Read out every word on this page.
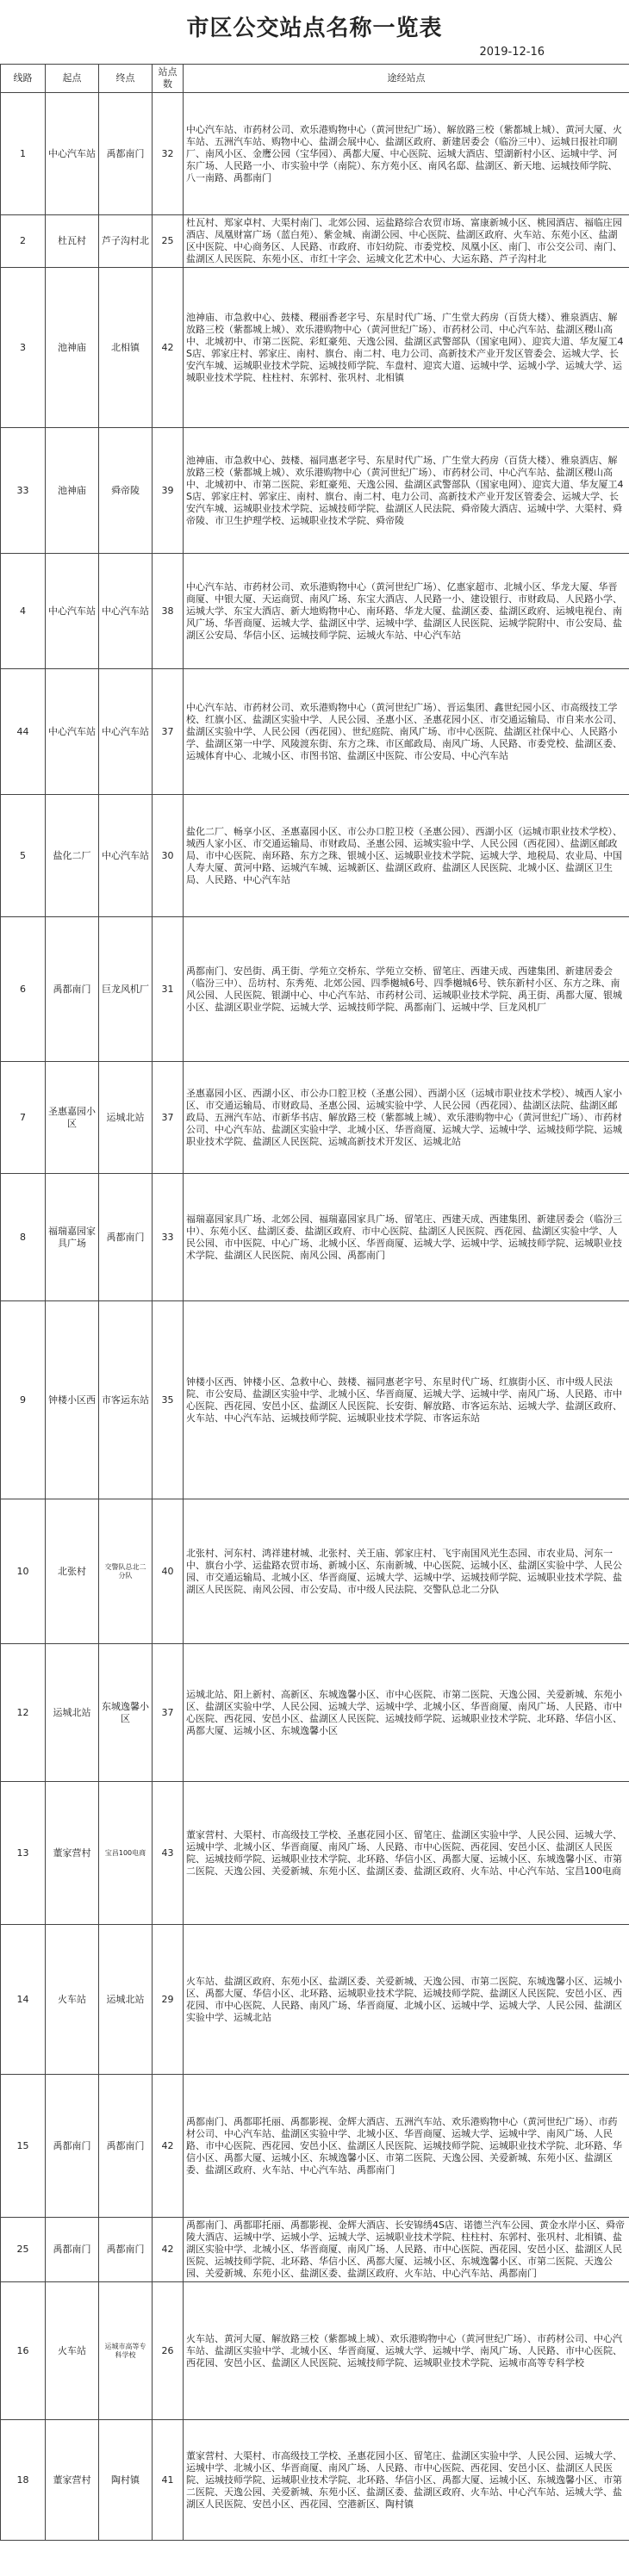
市区公交站点名称一览表
2019-12-16
线路	起点	终点	站点数	途经站点
1	中心汽车站	禹都南门	32	中心汽车站、市药材公司、欢乐港购物中心（黄河世纪广场）、解放路三校（紫都城上城）、黄河大厦、火车站、五洲汽车站、购物中心、盐湖会展中心、盐湖区政府、新建居委会（临汾三中）、运城日报社印刷厂、南风小区、金鹰公园（宝华园）、禹都大厦、中心医院、运城大酒店、望湖新村小区、运城中学、河东广场、人民路一小、市实验中学（南院）、东方苑小区、南风名邸、盐湖区、新天地、运城技师学院、八一南路、禹都南门
2	杜瓦村	芦子沟村北	25	杜瓦村、郑家卓村、大渠村南门、北郊公园、运盐路综合农贸市场、富康新城小区、桃园酒店、福临庄园酒店、凤凰财富广场（蓝白苑）、紫金城、南湖公园、中心医院、盐湖区政府、火车站、东苑小区、盐湖区中医院、中心商务区、人民路、市政府、市妇幼院、市委党校、凤凰小区、南门、市公交公司、南门、盐湖区人民医院、东苑小区、市红十字会、运城文化艺术中心、大运东路、芦子沟村北
3	池神庙	北相镇	42	池神庙、市急救中心、鼓楼、稷丽香老字号、东星时代广场、广生堂大药房（百货大楼）、雅泉酒店、解放路三校（紫都城上城）、欢乐港购物中心（黄河世纪广场）、市药材公司、中心汽车站、盐湖区稷山高中、北城初中、市第二医院、彩虹豪苑、天逸公园、盐湖区武警部队（国家电网）、迎宾大道、华友厦工4S店、郭家庄村、郭家庄、南村、旗台、南二村、电力公司、高新技术产业开发区管委会、运城大学、长安汽车城、运城职业技术学院、运城技师学院、车盘村、迎宾大道、运城中学、运城小学、运城大学、运城职业技术学院、柱柱村、东郭村、张巩村、北相镇
33	池神庙	舜帝陵	39	池神庙、市急救中心、鼓楼、福同惠老字号、东星时代广场、广生堂大药房（百货大楼）、雅泉酒店、解放路三校（紫都城上城）、欢乐港购物中心（黄河世纪广场）、市药材公司、中心汽车站、盐湖区稷山高中、北城初中、市第二医院、彩虹豪苑、天逸公园、盐湖区武警部队（国家电网）、迎宾大道、华友厦工4S店、郭家庄村、郭家庄、南村、旗台、南二村、电力公司、高新技术产业开发区管委会、运城大学、长安汽车城、运城职业技术学院、运城技师学院、盐湖区人民法院、舜帝陵大酒店、运城中学、大渠村、舜帝陵、市卫生护理学校、运城职业技术学院、舜帝陵
4	中心汽车站	中心汽车站	38	中心汽车站、市药材公司、欢乐港购物中心（黄河世纪广场）、亿惠家超市、北城小区、华龙大厦、华晋商厦、中银大厦、天运商贸、南风广场、东宝大酒店、人民路一小、建设银行、市财政局、人民路小学、运城大学、东宝大酒店、新大地购物中心、南环路、华龙大厦、盐湖区委、盐湖区政府、运城电视台、南风广场、华晋商厦、运城大学、盐湖区中学、运城中学、盐湖区人民医院、运城学院附中、市公安局、盐湖区公安局、华信小区、运城技师学院、运城火车站、中心汽车站
44	中心汽车站	中心汽车站	37	中心汽车站、市药材公司、欢乐港购物中心（黄河世纪广场）、晋运集团、鑫世纪园小区、市高级技工学校、红旗小区、盐湖区实验中学、人民公园、圣惠小区、圣惠花园小区、市交通运输局、市自来水公司、盐湖区实验中学、人民公园（西花园）、世纪庭院、南风广场、市中心医院、盐湖区社保中心、人民路小学、盐湖区第一中学、风陵渡东街、东方之珠、市区邮政局、南风广场、人民路、市委党校、盐湖区委、运城体育中心、北城小区、市图书馆、盐湖区中医院、市公安局、中心汽车站
5	盐化二厂	中心汽车站	30	盐化二厂、畅享小区、圣惠嘉园小区、市公办口腔卫校（圣惠公园）、西湖小区（运城市职业技术学校）、城西人家小区、市交通运输局、市财政局、圣惠公园、运城实验中学、人民公园（西花园）、盐湖区邮政局、市中心医院、南环路、东方之珠、银城小区、运城职业技术学院、运城大学、地税局、农业局、中国人寿大厦、黄河中路、运城汽车城、运城新区、盐湖区政府、盐湖区人民医院、北城小区、盐湖区卫生局、人民路、中心汽车站
6	禹都南门	巨龙风机厂	31	禹都南门、安邑街、禹王街、学苑立交桥东、学苑立交桥、留笔庄、西建天成、西建集团、新建居委会（临汾三中）、岳坊村、东秀苑、北郊公园、四季樾城6号、四季樾城6号、铁东新村小区、东方之珠、南风公园、人民医院、银湖中心、中心汽车站、市药材公司、运城职业技术学院、禹王街、禹都大厦、银城小区、盐湖区职业学院、运城大学、运城技师学院、禹都南门、运城中学、巨龙风机厂
7	圣惠嘉园小区	运城北站	37	圣惠嘉园小区、西湖小区、市公办口腔卫校（圣惠公园）、西湖小区（运城市职业技术学校）、城西人家小区、市交通运输局、市财政局、圣惠公园、运城实验中学、人民公园（西花园）、盐湖区法院、盐湖区邮政局、五洲汽车站、市新华书店、解放路三校（紫都城上城）、欢乐港购物中心（黄河世纪广场）、市药材公司、中心汽车站、盐湖区实验中学、北城小区、华晋商厦、运城大学、运城中学、运城技师学院、运城职业技术学院、盐湖区人民医院、运城高新技术开发区、运城北站
8	福瑞嘉园家具广场	禹都南门	33	福瑞嘉园家具广场、北郊公园、福瑞嘉园家具广场、留笔庄、西建天成、西建集团、新建居委会（临汾三中）、东苑小区、盐湖区委、盐湖区政府、市中心医院、盐湖区人民医院、西花园、盐湖区实验中学、人民公园、市中医院、中心广场、北城小区、华晋商厦、运城大学、运城中学、运城技师学院、运城职业技术学院、盐湖区人民医院、南风公园、禹都南门
9	钟楼小区西	市客运东站	35	钟楼小区西、钟楼小区、急救中心、鼓楼、福同惠老字号、东星时代广场、红旗街小区、市中级人民法院、市公安局、盐湖区实验中学、北城小区、华晋商厦、运城大学、运城中学、南风广场、人民路、市中心医院、西花园、安邑小区、盐湖区人民医院、长安街、解放路、市客运东站、运城大学、盐湖区政府、火车站、中心汽车站、运城技师学院、运城职业技术学院、市客运东站
10	北张村	交警队总北二分队	40	北张村、河东村、鸿祥建材城、北张村、关王庙、郭家庄村、飞宇南国风光生态园、市农业局、河东一中、旗台小学、运盐路农贸市场、新城小区、东南新城、中心医院、运城小区、盐湖区实验中学、人民公园、市交通运输局、北城小区、华晋商厦、运城大学、运城中学、运城技师学院、运城职业技术学院、盐湖区人民医院、南风公园、市公安局、市中级人民法院、交警队总北二分队
12	运城北站	东城逸馨小区	37	运城北站、阳上新村、高新区、东城逸馨小区、市中心医院、市第二医院、天逸公园、关爱新城、东苑小区、盐湖区实验中学、人民公园、运城大学、运城中学、北城小区、华晋商厦、南风广场、人民路、市中心医院、西花园、安邑小区、盐湖区人民医院、运城技师学院、运城职业技术学院、北环路、华信小区、禹都大厦、运城小区、东城逸馨小区
13	董家营村	宝昌100电商	43	董家营村、大渠村、市高级技工学校、圣惠花园小区、留笔庄、盐湖区实验中学、人民公园、运城大学、运城中学、北城小区、华晋商厦、南风广场、人民路、市中心医院、西花园、安邑小区、盐湖区人民医院、运城技师学院、运城职业技术学院、北环路、华信小区、禹都大厦、运城小区、东城逸馨小区、市第二医院、天逸公园、关爱新城、东苑小区、盐湖区委、盐湖区政府、火车站、中心汽车站、宝昌100电商
14	火车站	运城北站	29	火车站、盐湖区政府、东苑小区、盐湖区委、关爱新城、天逸公园、市第二医院、东城逸馨小区、运城小区、禹都大厦、华信小区、北环路、运城职业技术学院、运城技师学院、盐湖区人民医院、安邑小区、西花园、市中心医院、人民路、南风广场、华晋商厦、北城小区、运城中学、运城大学、人民公园、盐湖区实验中学、运城北站
15	禹都南门	禹都南门	42	禹都南门、禹都耶托丽、禹都影视、金辉大酒店、五洲汽车站、欢乐港购物中心（黄河世纪广场）、市药材公司、中心汽车站、盐湖区实验中学、北城小区、华晋商厦、运城大学、运城中学、南风广场、人民路、市中心医院、西花园、安邑小区、盐湖区人民医院、运城技师学院、运城职业技术学院、北环路、华信小区、禹都大厦、运城小区、东城逸馨小区、市第二医院、天逸公园、关爱新城、东苑小区、盐湖区委、盐湖区政府、火车站、中心汽车站、禹都南门
25	禹都南门	禹都南门	42	禹都南门、禹都耶托丽、禹都影视、金辉大酒店、长安锦绣4S店、诺德兰汽车公园、黄金水岸小区、舜帝陵大酒店、运城中学、运城小学、运城大学、运城职业技术学院、柱柱村、东郭村、张巩村、北相镇、盐湖区实验中学、北城小区、华晋商厦、南风广场、人民路、市中心医院、西花园、安邑小区、盐湖区人民医院、运城技师学院、北环路、华信小区、禹都大厦、运城小区、东城逸馨小区、市第二医院、天逸公园、关爱新城、东苑小区、盐湖区委、盐湖区政府、火车站、中心汽车站、禹都南门
16	火车站	运城市高等专科学校	26	火车站、黄河大厦、解放路三校（紫都城上城）、欢乐港购物中心（黄河世纪广场）、市药材公司、中心汽车站、盐湖区实验中学、北城小区、华晋商厦、运城大学、运城中学、南风广场、人民路、市中心医院、西花园、安邑小区、盐湖区人民医院、运城技师学院、运城职业技术学院、运城市高等专科学校
18	董家营村	陶村镇	41	董家营村、大渠村、市高级技工学校、圣惠花园小区、留笔庄、盐湖区实验中学、人民公园、运城大学、运城中学、北城小区、华晋商厦、南风广场、人民路、市中心医院、西花园、安邑小区、盐湖区人民医院、运城技师学院、运城职业技术学院、北环路、华信小区、禹都大厦、运城小区、东城逸馨小区、市第二医院、天逸公园、关爱新城、东苑小区、盐湖区委、盐湖区政府、火车站、中心汽车站、运城大学、盐湖区人民医院、安邑小区、西花园、空港新区、陶村镇
